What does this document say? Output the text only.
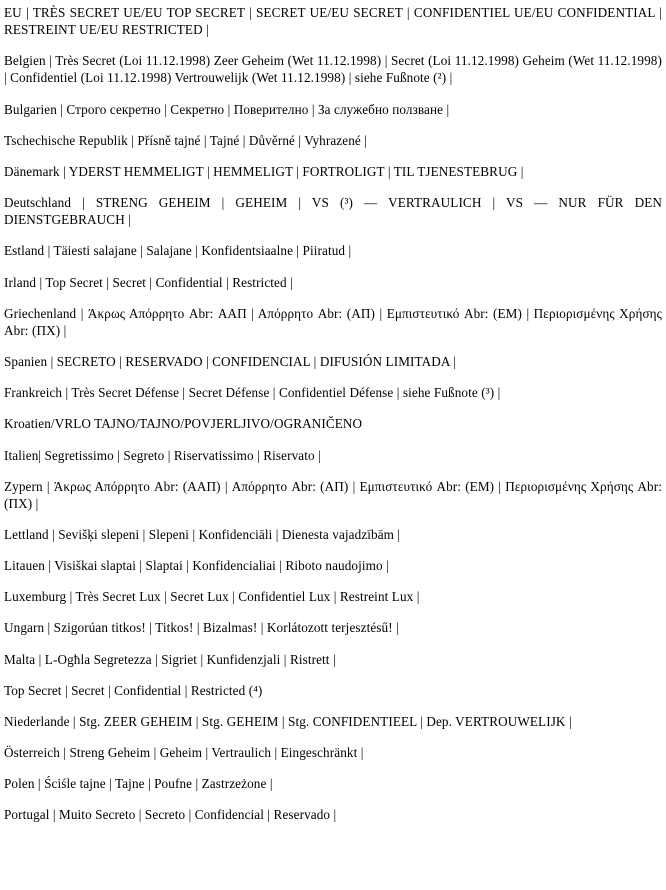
EU | TRÈS SECRET UE/EU TOP SECRET | SECRET UE/EU SECRET | CONFIDENTIEL UE/EU CONFIDENTIAL | RESTREINT UE/EU RESTRICTED |
Belgien | Très Secret (Loi 11.12.1998) Zeer Geheim (Wet 11.12.1998) | Secret (Loi 11.12.1998) Geheim (Wet 11.12.1998) | Confidentiel (Loi 11.12.1998) Vertrouwelijk (Wet 11.12.1998) | siehe Fußnote (²) |
Bulgarien | Строго секретно | Секретно | Поверително | За служебно ползване |
Tschechische Republik | Přísně tajné | Tajné | Důvěrné | Vyhrazené |
Dänemark | YDERST HEMMELIGT | HEMMELIGT | FORTROLIGT | TIL TJENESTEBRUG |
Deutschland | STRENG GEHEIM | GEHEIM | VS (³) — VERTRAULICH | VS — NUR FÜR DEN DIENSTGEBRAUCH |
Estland | Täiesti salajane | Salajane | Konfidentsiaalne | Piiratud |
Irland | Top Secret | Secret | Confidential | Restricted |
Griechenland | Άκρως Απόρρητο Abr: ΑΑΠ | Απόρρητο Abr: (ΑΠ) | Εμπιστευτικό Abr: (ΕΜ) | Περιορισμένης Χρήσης Abr: (ΠΧ) |
Spanien | SECRETO | RESERVADO | CONFIDENCIAL | DIFUSIÓN LIMITADA |
Frankreich | Très Secret Défense | Secret Défense | Confidentiel Défense | siehe Fußnote (³) |
Kroatien/VRLO TAJNO/TAJNO/POVJERLJIVO/OGRANIČENO
Italien| Segretissimo | Segreto | Riservatissimo | Riservato |
Zypern | Άκρως Απόρρητο Abr: (ΑΑΠ) | Απόρρητο Abr: (ΑΠ) | Εμπιστευτικό Abr: (ΕΜ) | Περιορισμένης Χρήσης Abr: (ΠΧ) |
Lettland | Sevišķi slepeni | Slepeni | Konfidenciāli | Dienesta vajadzībām |
Litauen | Visiškai slaptai | Slaptai | Konfidencialiai | Riboto naudojimo |
Luxemburg | Très Secret Lux | Secret Lux | Confidentiel Lux | Restreint Lux |
Ungarn | Szigorúan titkos! | Titkos! | Bizalmas! | Korlátozott terjesztésű! |
Malta | L-Ogħla Segretezza | Sigriet | Kunfidenzjali | Ristrett |
Top Secret | Secret | Confidential | Restricted (⁴)
Niederlande | Stg. ZEER GEHEIM | Stg. GEHEIM | Stg. CONFIDENTIEEL | Dep. VERTROUWELIJK |
Österreich | Streng Geheim | Geheim | Vertraulich | Eingeschränkt |
Polen | Ściśle tajne | Tajne | Poufne | Zastrzeżone |
Portugal | Muito Secreto | Secreto | Confidencial | Reservado |
